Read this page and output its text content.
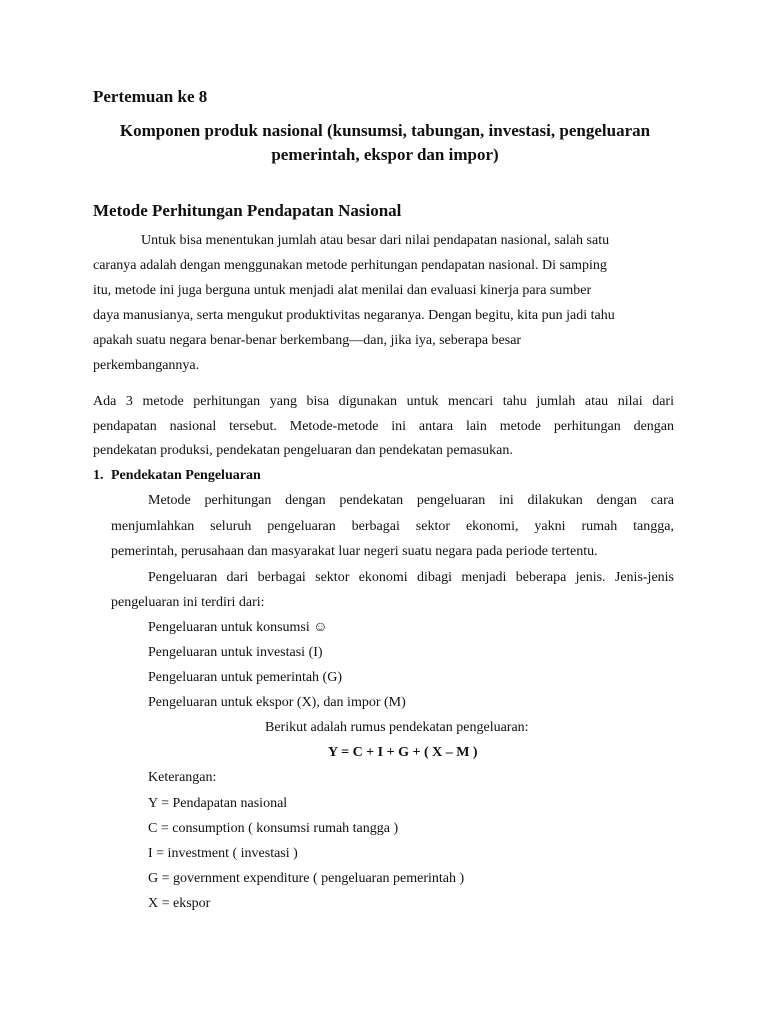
Pertemuan ke 8
Komponen produk nasional (kunsumsi, tabungan, investasi, pengeluaran pemerintah, ekspor dan impor)
Metode Perhitungan Pendapatan Nasional
Untuk bisa menentukan jumlah atau besar dari nilai pendapatan nasional, salah satu
caranya adalah dengan menggunakan metode perhitungan pendapatan nasional. Di samping
itu, metode ini juga berguna untuk menjadi alat menilai dan evaluasi kinerja para sumber
daya manusianya, serta mengukut produktivitas negaranya. Dengan begitu, kita pun jadi tahu
apakah suatu negara benar-benar berkembang—dan, jika iya, seberapa besar
perkembangannya.
Ada 3 metode perhitungan yang bisa digunakan untuk mencari tahu jumlah atau nilai dari
pendapatan nasional tersebut. Metode-metode ini antara lain metode perhitungan dengan
pendekatan produksi, pendekatan pengeluaran dan pendekatan pemasukan.
1. Pendekatan Pengeluaran
Metode perhitungan dengan pendekatan pengeluaran ini dilakukan dengan cara
menjumlahkan seluruh pengeluaran berbagai sektor ekonomi, yakni rumah tangga,
pemerintah, perusahaan dan masyarakat luar negeri suatu negara pada periode tertentu.
Pengeluaran dari berbagai sektor ekonomi dibagi menjadi beberapa jenis. Jenis-jenis
pengeluaran ini terdiri dari:
Pengeluaran untuk konsumsi ☺
Pengeluaran untuk investasi (I)
Pengeluaran untuk pemerintah (G)
Pengeluaran untuk ekspor (X), dan impor (M)
Berikut adalah rumus pendekatan pengeluaran:
Y = C + I + G + ( X – M )
Keterangan:
Y = Pendapatan nasional
C = consumption ( konsumsi rumah tangga )
I = investment ( investasi )
G = government expenditure ( pengeluaran pemerintah )
X = ekspor
